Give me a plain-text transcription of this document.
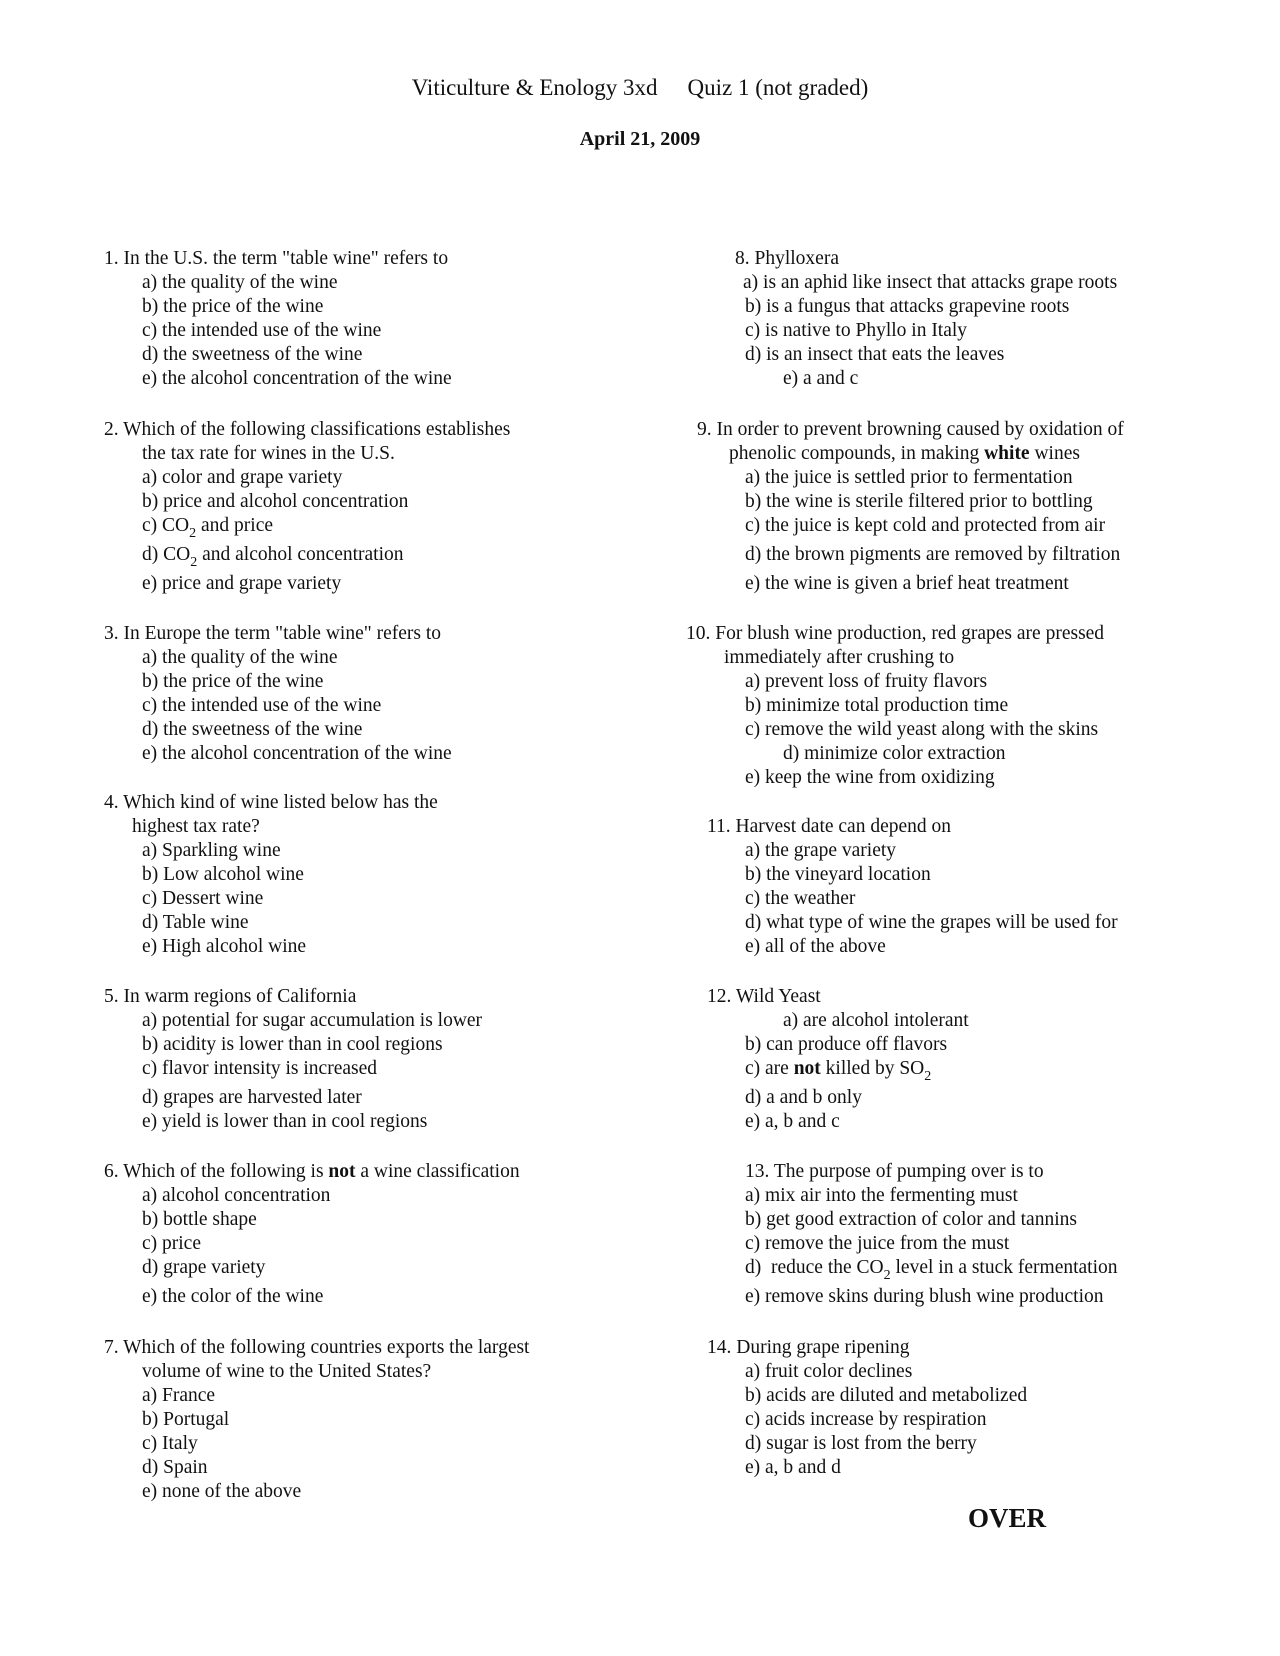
Viticulture & Enology 3xd Quiz 1 (not graded)
April 21, 2009
1. In the U.S. the term "table wine" refers to
a) the quality of the wine
b) the price of the wine
c) the intended use of the wine
d) the sweetness of the wine
e) the alcohol concentration of the wine
2. Which of the following classifications establishes
the tax rate for wines in the U.S.
a) color and grape variety
b) price and alcohol concentration
c) $CO_2$ and price
d) $CO_2$ and alcohol concentration
e) price and grape variety
3. In Europe the term "table wine" refers to
a) the quality of the wine
b) the price of the wine
c) the intended use of the wine
d) the sweetness of the wine
e) the alcohol concentration of the wine
4. Which kind of wine listed below has the
highest tax rate?
a) Sparkling wine
b) Low alcohol wine
c) Dessert wine
d) Table wine
e) High alcohol wine
5. In warm regions of California
a) potential for sugar accumulation is lower
b) acidity is lower than in cool regions
c) flavor intensity is increased
d) grapes are harvested later
e) yield is lower than in cool regions
6. Which of the following is not a wine classification
a) alcohol concentration
b) bottle shape
c) price
d) grape variety
e) the color of the wine
7. Which of the following countries exports the largest
volume of wine to the United States?
a) France
b) Portugal
c) Italy
d) Spain
e) none of the above
8. Phylloxera
a) is an aphid like insect that attacks grape roots
b) is a fungus that attacks grapevine roots
c) is native to Phyllo in Italy
d) is an insect that eats the leaves
e) a and c
9. In order to prevent browning caused by oxidation of
phenolic compounds, in making white wines
a) the juice is settled prior to fermentation
b) the wine is sterile filtered prior to bottling
c) the juice is kept cold and protected from air
d) the brown pigments are removed by filtration
e) the wine is given a brief heat treatment
10. For blush wine production, red grapes are pressed
immediately after crushing to
a) prevent loss of fruity flavors
b) minimize total production time
c) remove the wild yeast along with the skins
d) minimize color extraction
e) keep the wine from oxidizing
11. Harvest date can depend on
a) the grape variety
b) the vineyard location
c) the weather
d) what type of wine the grapes will be used for
e) all of the above
12. Wild Yeast
a) are alcohol intolerant
b) can produce off flavors
c) are not killed by $SO_2$
d) a and b only
e) a, b and c
13. The purpose of pumping over is to
a) mix air into the fermenting must
b) get good extraction of color and tannins
c) remove the juice from the must
d)  reduce the $CO_2$ level in a stuck fermentation
e) remove skins during blush wine production
14. During grape ripening
a) fruit color declines
b) acids are diluted and metabolized
c) acids increase by respiration
d) sugar is lost from the berry
e) a, b and d
OVER
